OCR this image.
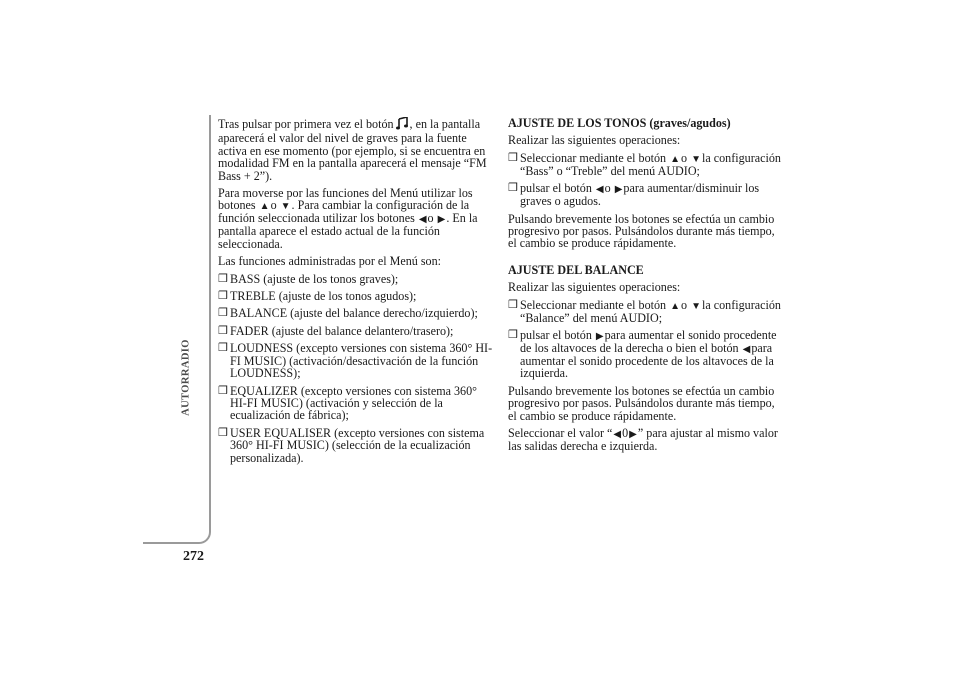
AUTORRADIO
272

Tras pulsar por primera vez el botón , en la pantalla aparecerá el valor del nivel de graves para la fuente activa en ese momento (por ejemplo, si se encuentra en modalidad FM en la pantalla aparecerá el mensaje “FM Bass + 2”).

Para moverse por las funciones del Menú utilizar los botones ▲o ▼. Para cambiar la configuración de la función seleccionada utilizar los botones ◀o ▶. En la pantalla aparece el estado actual de la función seleccionada.

Las funciones administradas por el Menú son:

❒ BASS (ajuste de los tonos graves);
❒ TREBLE (ajuste de los tonos agudos);
❒ BALANCE (ajuste del balance derecho/izquierdo);
❒ FADER (ajuste del balance delantero/trasero);
❒ LOUDNESS (excepto versiones con sistema 360° HI-FI MUSIC) (activación/desactivación de la función LOUDNESS);
❒ EQUALIZER (excepto versiones con sistema 360° HI-FI MUSIC) (activación y selección de la ecualización de fábrica);
❒ USER EQUALISER (excepto versiones con sistema 360° HI-FI MUSIC) (selección de la ecualización personalizada).
AJUSTE DE LOS TONOS (graves/agudos)

Realizar las siguientes operaciones:

❒ Seleccionar mediante el botón ▲o ▼la configuración “Bass” o “Treble” del menú AUDIO;
❒ pulsar el botón ◀o ▶para aumentar/disminuir los graves o agudos.

Pulsando brevemente los botones se efectúa un cambio progresivo por pasos. Pulsándolos durante más tiempo, el cambio se produce rápidamente.

AJUSTE DEL BALANCE

Realizar las siguientes operaciones:

❒ Seleccionar mediante el botón ▲o ▼la configuración “Balance” del menú AUDIO;
❒ pulsar el botón ▶para aumentar el sonido procedente de los altavoces de la derecha o bien el botón ◀para aumentar el sonido procedente de los altavoces de la izquierda.

Pulsando brevemente los botones se efectúa un cambio progresivo por pasos. Pulsándolos durante más tiempo, el cambio se produce rápidamente.

Seleccionar el valor “◀0▶” para ajustar al mismo valor las salidas derecha e izquierda.
